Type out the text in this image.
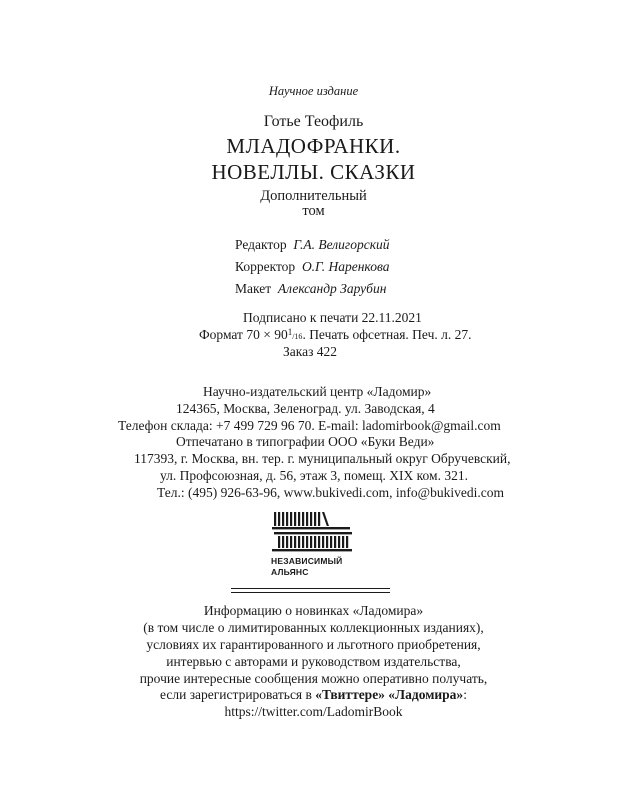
Научное издание
Готье Теофиль
МЛАДОФРАНКИ.
НОВЕЛЛЫ. СКАЗКИ
Дополнительный
том
Редактор Г.А. Велигорский
Корректор О.Г. Наренкова
Макет Александр Зарубин
Подписано к печати 22.11.2021
Формат $70 \times 90^1/16$. Печать офсетная. Печ. л. 27.
Заказ 422
Научно-издательский центр «Ладомир»
124365, Москва, Зеленоград. ул. Заводская, 4
Телефон склада: +7 499 729 96 70. E-mail: ladomirbook@gmail.com
Отпечатано в типографии ООО «Буки Веди»
117393, г. Москва, вн. тер. г. муниципальный округ Обручевский,
ул. Профсоюзная, д. 56, этаж 3, помещ. XIX ком. 321.
Тел.: (495) 926-63-96, www.bukivedi.com, info@bukivedi.com
НЕЗАВИСИМЫЙ
АЛЬЯНС
Информацию о новинках «Ладомира»
(в том числе о лимитированных коллекционных изданиях),
условиях их гарантированного и льготного приобретения,
интервью с авторами и руководством издательства,
прочие интересные сообщения можно оперативно получать,
если зарегистрироваться в «Твиттере» «Ладомира»:
https://twitter.com/LadomirBook
